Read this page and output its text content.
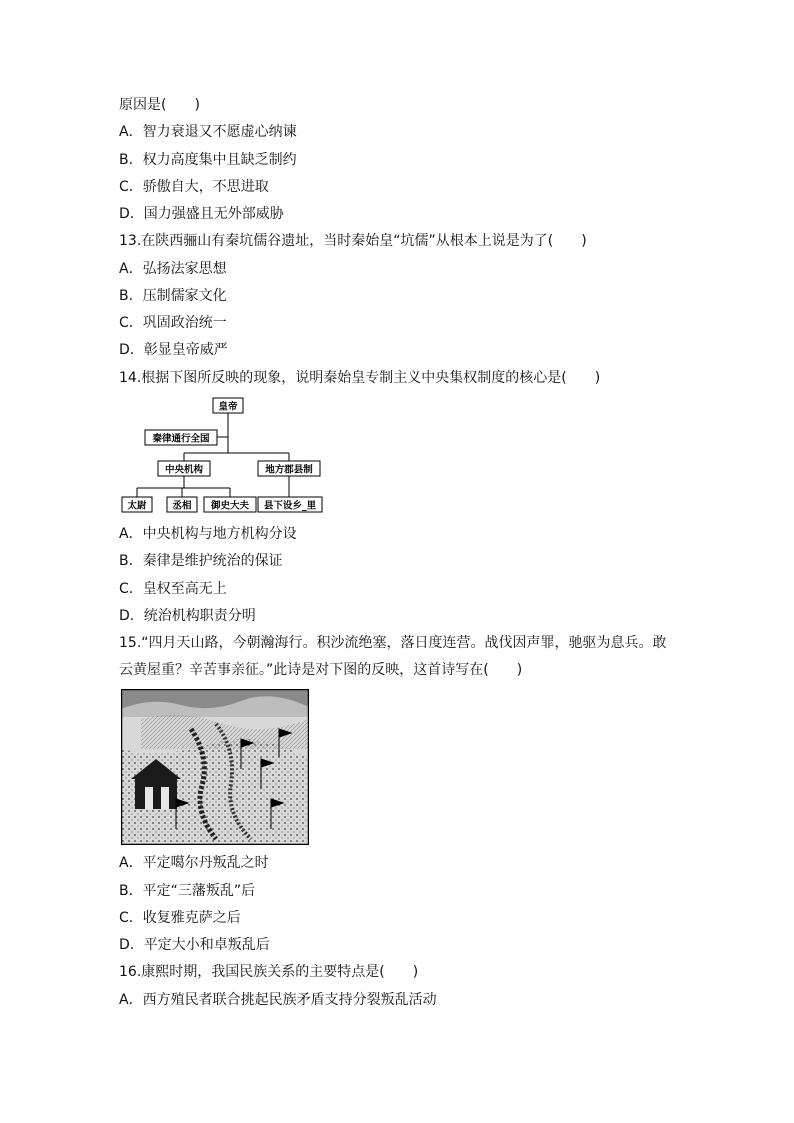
原因是(　　)
A．智力衰退又不愿虚心纳谏
B．权力高度集中且缺乏制约
C．骄傲自大，不思进取
D．国力强盛且无外部威胁
13.在陕西骊山有秦坑儒谷遗址，当时秦始皇“坑儒”从根本上说是为了(　　)
A．弘扬法家思想
B．压制儒家文化
C．巩固政治统一
D．彰显皇帝威严
14.根据下图所反映的现象，说明秦始皇专制主义中央集权制度的核心是(　　)
皇帝
秦律通行全国
中央机构	地方郡县制
太尉	丞相 御史大夫 县下设乡_里
A．中央机构与地方机构分设
B．秦律是维护统治的保证
C．皇权至高无上
D．统治机构职责分明
15.“四月天山路，今朝瀚海行。积沙流绝塞，落日度连营。战伐因声罪，驰驱为息兵。敢
云黄屋重？辛苦事亲征。”此诗是对下图的反映，这首诗写在(　　)
A．平定噶尔丹叛乱之时
B．平定“三藩叛乱”后
C．收复雅克萨之后
D．平定大小和卓叛乱后
16.康熙时期，我国民族关系的主要特点是(　　)
A．西方殖民者联合挑起民族矛盾支持分裂叛乱活动
